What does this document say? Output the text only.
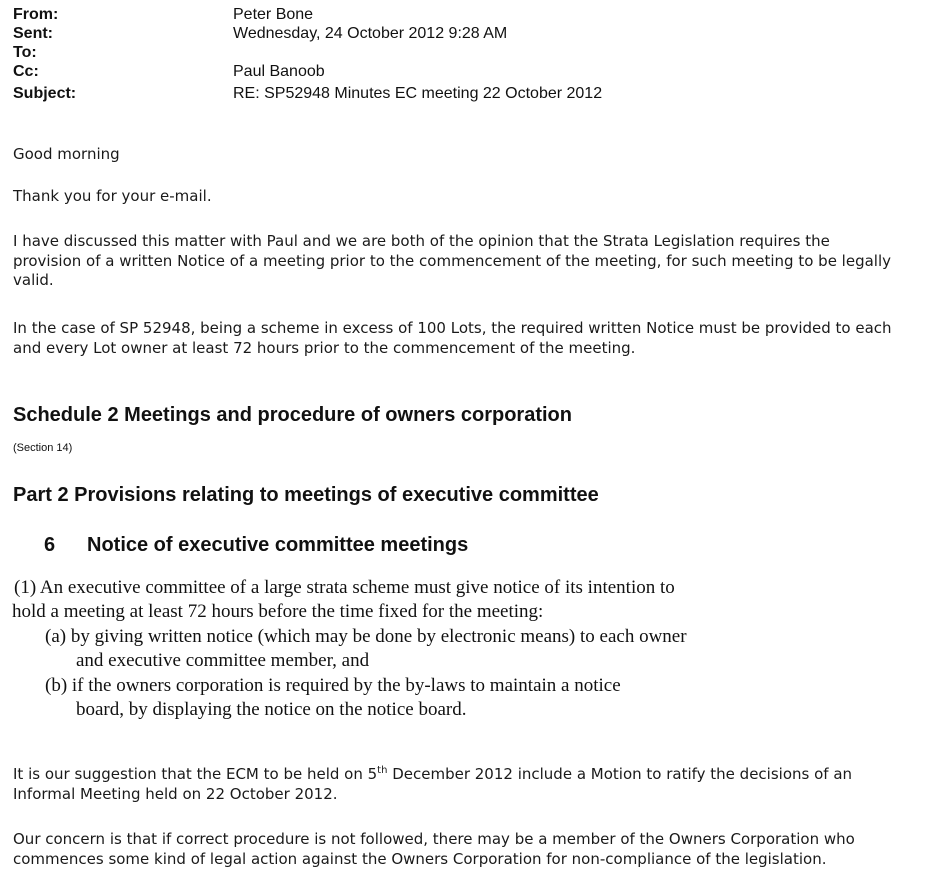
From:	Peter Bone
Sent:	Wednesday, 24 October 2012 9:28 AM
To:
Cc:	Paul Banoob
Subject:	RE: SP52948 Minutes EC meeting 22 October 2012
Good morning
Thank you for your e-mail.
I have discussed this matter with Paul and we are both of the opinion that the Strata Legislation requires the
provision of a written Notice of a meeting prior to the commencement of the meeting, for such meeting to be legally
valid.
In the case of SP 52948, being a scheme in excess of 100 Lots, the required written Notice must be provided to each
and every Lot owner at least 72 hours prior to the commencement of the meeting.
Schedule 2 Meetings and procedure of owners corporation
(Section 14)
Part 2 Provisions relating to meetings of executive committee
6 Notice of executive committee meetings
(1) An executive committee of a large strata scheme must give notice of its intention to
hold a meeting at least 72 hours before the time fixed for the meeting:
(a) by giving written notice (which may be done by electronic means) to each owner
and executive committee member, and
(b) if the owners corporation is required by the by-laws to maintain a notice
board, by displaying the notice on the notice board.
It is our suggestion that the ECM to be held on 5th December 2012 include a Motion to ratify the decisions of an
Informal Meeting held on 22 October 2012.
Our concern is that if correct procedure is not followed, there may be a member of the Owners Corporation who
commences some kind of legal action against the Owners Corporation for non-compliance of the legislation.
